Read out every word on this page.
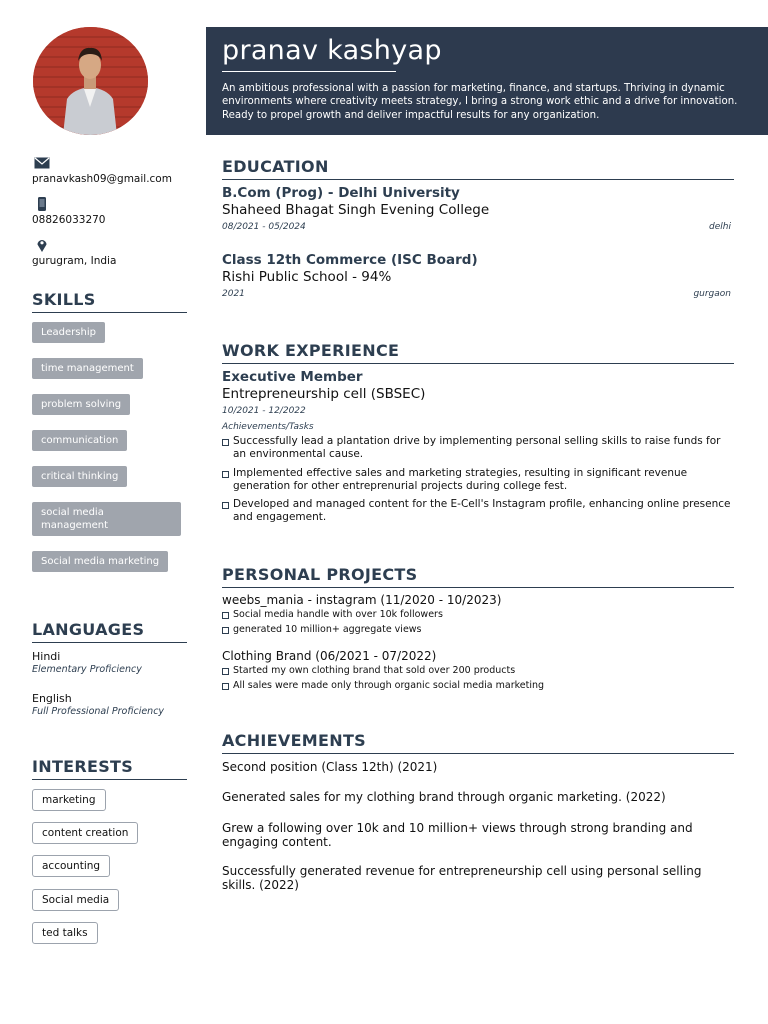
pranavkash09@gmail.com
08826033270
gurugram, India
SKILLS
Leadership
time management
problem solving
communication
critical thinking
social media management
Social media marketing
LANGUAGES
Hindi
Elementary Proficiency
English
Full Professional Proficiency
INTERESTS
marketing
content creation
accounting
Social media
ted talks
pranav kashyap
An ambitious professional with a passion for marketing, finance, and startups. Thriving in dynamic environments where creativity meets strategy, I bring a strong work ethic and a drive for innovation. Ready to propel growth and deliver impactful results for any organization.
EDUCATION
B.Com (Prog) - Delhi University
Shaheed Bhagat Singh Evening College
08/2021 - 05/2024	delhi
Class 12th Commerce (ISC Board)
Rishi Public School - 94%
2021	gurgaon
WORK EXPERIENCE
Executive Member
Entrepreneurship cell (SBSEC)
10/2021 - 12/2022
Achievements/Tasks
Successfully lead a plantation drive by implementing personal selling skills to raise funds for an environmental cause.
Implemented effective sales and marketing strategies, resulting in significant revenue generation for other entreprenurial projects during college fest.
Developed and managed content for the E-Cell's Instagram profile, enhancing online presence and engagement.
PERSONAL PROJECTS
weebs_mania - instagram (11/2020 - 10/2023)
Social media handle with over 10k followers
generated 10 million+ aggregate views
Clothing Brand (06/2021 - 07/2022)
Started my own clothing brand that sold over 200 products
All sales were made only through organic social media marketing
ACHIEVEMENTS
Second position (Class 12th) (2021)
Generated sales for my clothing brand through organic marketing. (2022)
Grew a following over 10k and 10 million+ views through strong branding and engaging content.
Successfully generated revenue for entrepreneurship cell using personal selling skills. (2022)
